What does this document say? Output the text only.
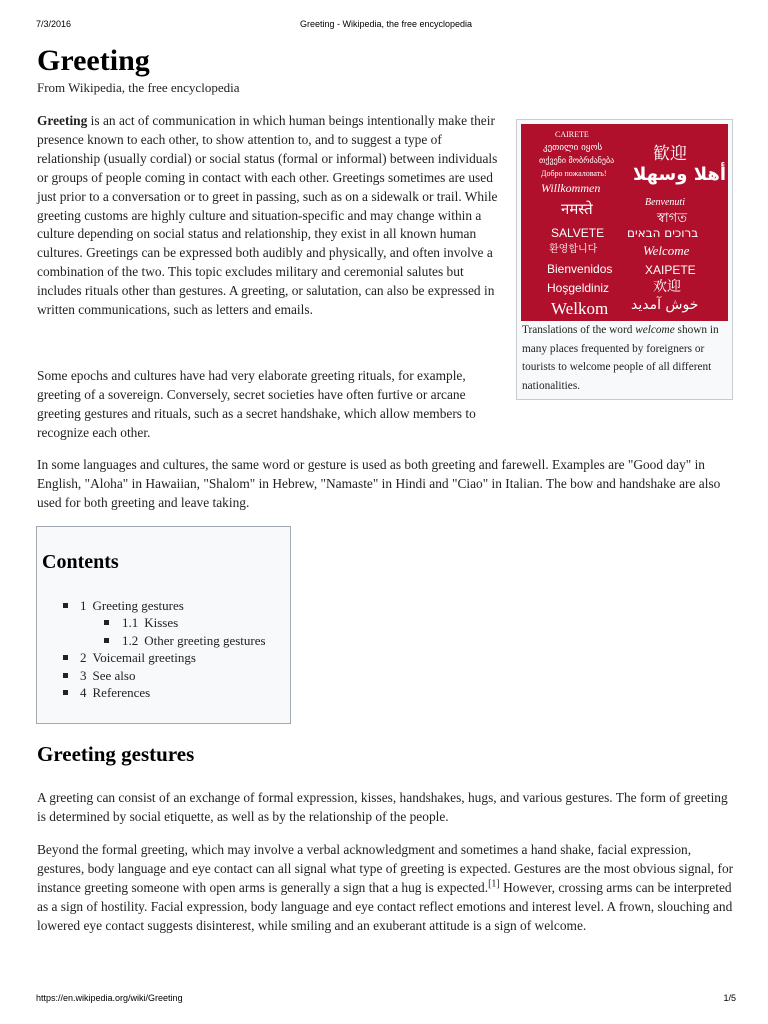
7/3/2016	Greeting - Wikipedia, the free encyclopedia
Greeting
From Wikipedia, the free encyclopedia

Greeting is an act of communication in which human beings intentionally make their presence known to each other, to show attention to, and to suggest a type of relationship (usually cordial) or social status (formal or informal) between individuals or groups of people coming in contact with each other. Greetings sometimes are used just prior to a conversation or to greet in passing, such as on a sidewalk or trail. While greeting customs are highly culture and situation-specific and may change within a culture depending on social status and relationship, they exist in all known human cultures. Greetings can be expressed both audibly and physically, and often involve a combination of the two. This topic excludes military and ceremonial salutes but includes rituals other than gestures. A greeting, or salutation, can also be expressed in written communications, such as letters and emails.

Some epochs and cultures have had very elaborate greeting rituals, for example, greeting of a sovereign. Conversely, secret societies have often furtive or arcane greeting gestures and rituals, such as a secret handshake, which allow members to recognize each other.

In some languages and cultures, the same word or gesture is used as both greeting and farewell. Examples are "Good day" in English, "Aloha" in Hawaiian, "Shalom" in Hebrew, "Namaste" in Hindi and "Ciao" in Italian. The bow and handshake are also used for both greeting and leave taking.

CAIRETE
კეთილი იყოს
თქვენი მობრძანება
Добро пожаловать!
歓迎
Willkommen
أهلا وسهلا
नमस्ते	Benvenuti
স্বাগত
SALVETE ברוכים הבאים
환영합니다	Welcome
Bienvenidos	XAIPETE
Hoşgeldiniz	欢迎
Welkom خوش آمدید
Translations of the word welcome shown in many places frequented by foreigners or tourists to welcome people of all different nationalities.
Contents
1 Greeting gestures
1.1 Kisses
1.2 Other greeting gestures
2 Voicemail greetings
3 See also
4 References
Greeting gestures

A greeting can consist of an exchange of formal expression, kisses, handshakes, hugs, and various gestures. The form of greeting is determined by social etiquette, as well as by the relationship of the people.

Beyond the formal greeting, which may involve a verbal acknowledgment and sometimes a hand shake, facial expression, gestures, body language and eye contact can all signal what type of greeting is expected. Gestures are the most obvious signal, for instance greeting someone with open arms is generally a sign that a hug is expected.[1] However, crossing arms can be interpreted as a sign of hostility. Facial expression, body language and eye contact reflect emotions and interest level. A frown, slouching and lowered eye contact suggests disinterest, while smiling and an exuberant attitude is a sign of welcome.

https://en.wikipedia.org/wiki/Greeting	1/5
